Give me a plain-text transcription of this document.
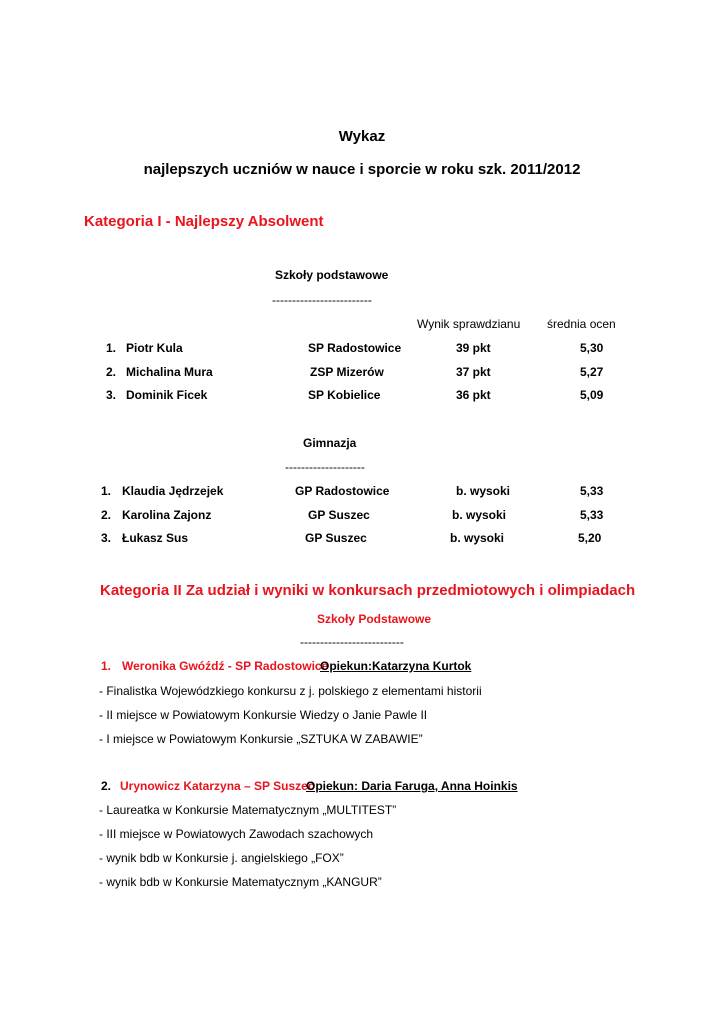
Wykaz
najlepszych uczniów w nauce i sporcie w roku szk. 2011/2012
Kategoria I - Najlepszy Absolwent
Szkoły podstawowe
-------------------------
Wynik sprawdzianu średnia ocen
1. Piotr Kula	SP Radostowice	39 pkt	5,30
2. Michalina Mura	ZSP Mizerów	37 pkt	5,27
3. Dominik Ficek	SP Kobielice	36 pkt	5,09
Gimnazja
--------------------
1. Klaudia Jędrzejek	GP Radostowice	b. wysoki	5,33
2. Karolina Zajonz	GP Suszec	b. wysoki	5,33
3. Łukasz Sus	GP Suszec	b. wysoki	5,20
Kategoria II Za udział i wyniki w konkursach przedmiotowych i olimpiadach
Szkoły Podstawowe
--------------------------
1. Weronika Gwóźdź - SP Radostowice
Opiekun:Katarzyna Kurtok
- Finalistka Wojewódzkiego konkursu z j. polskiego z elementami historii
- II miejsce w Powiatowym Konkursie Wiedzy o Janie Pawle II
- I miejsce w Powiatowym Konkursie „SZTUKA W ZABAWIE”
2. Urynowicz Katarzyna – SP Suszec
Opiekun: Daria Faruga, Anna Hoinkis
- Laureatka w Konkursie Matematycznym „MULTITEST”
- III miejsce w Powiatowych Zawodach szachowych
- wynik bdb w Konkursie j. angielskiego „FOX”
- wynik bdb w Konkursie Matematycznym „KANGUR”
